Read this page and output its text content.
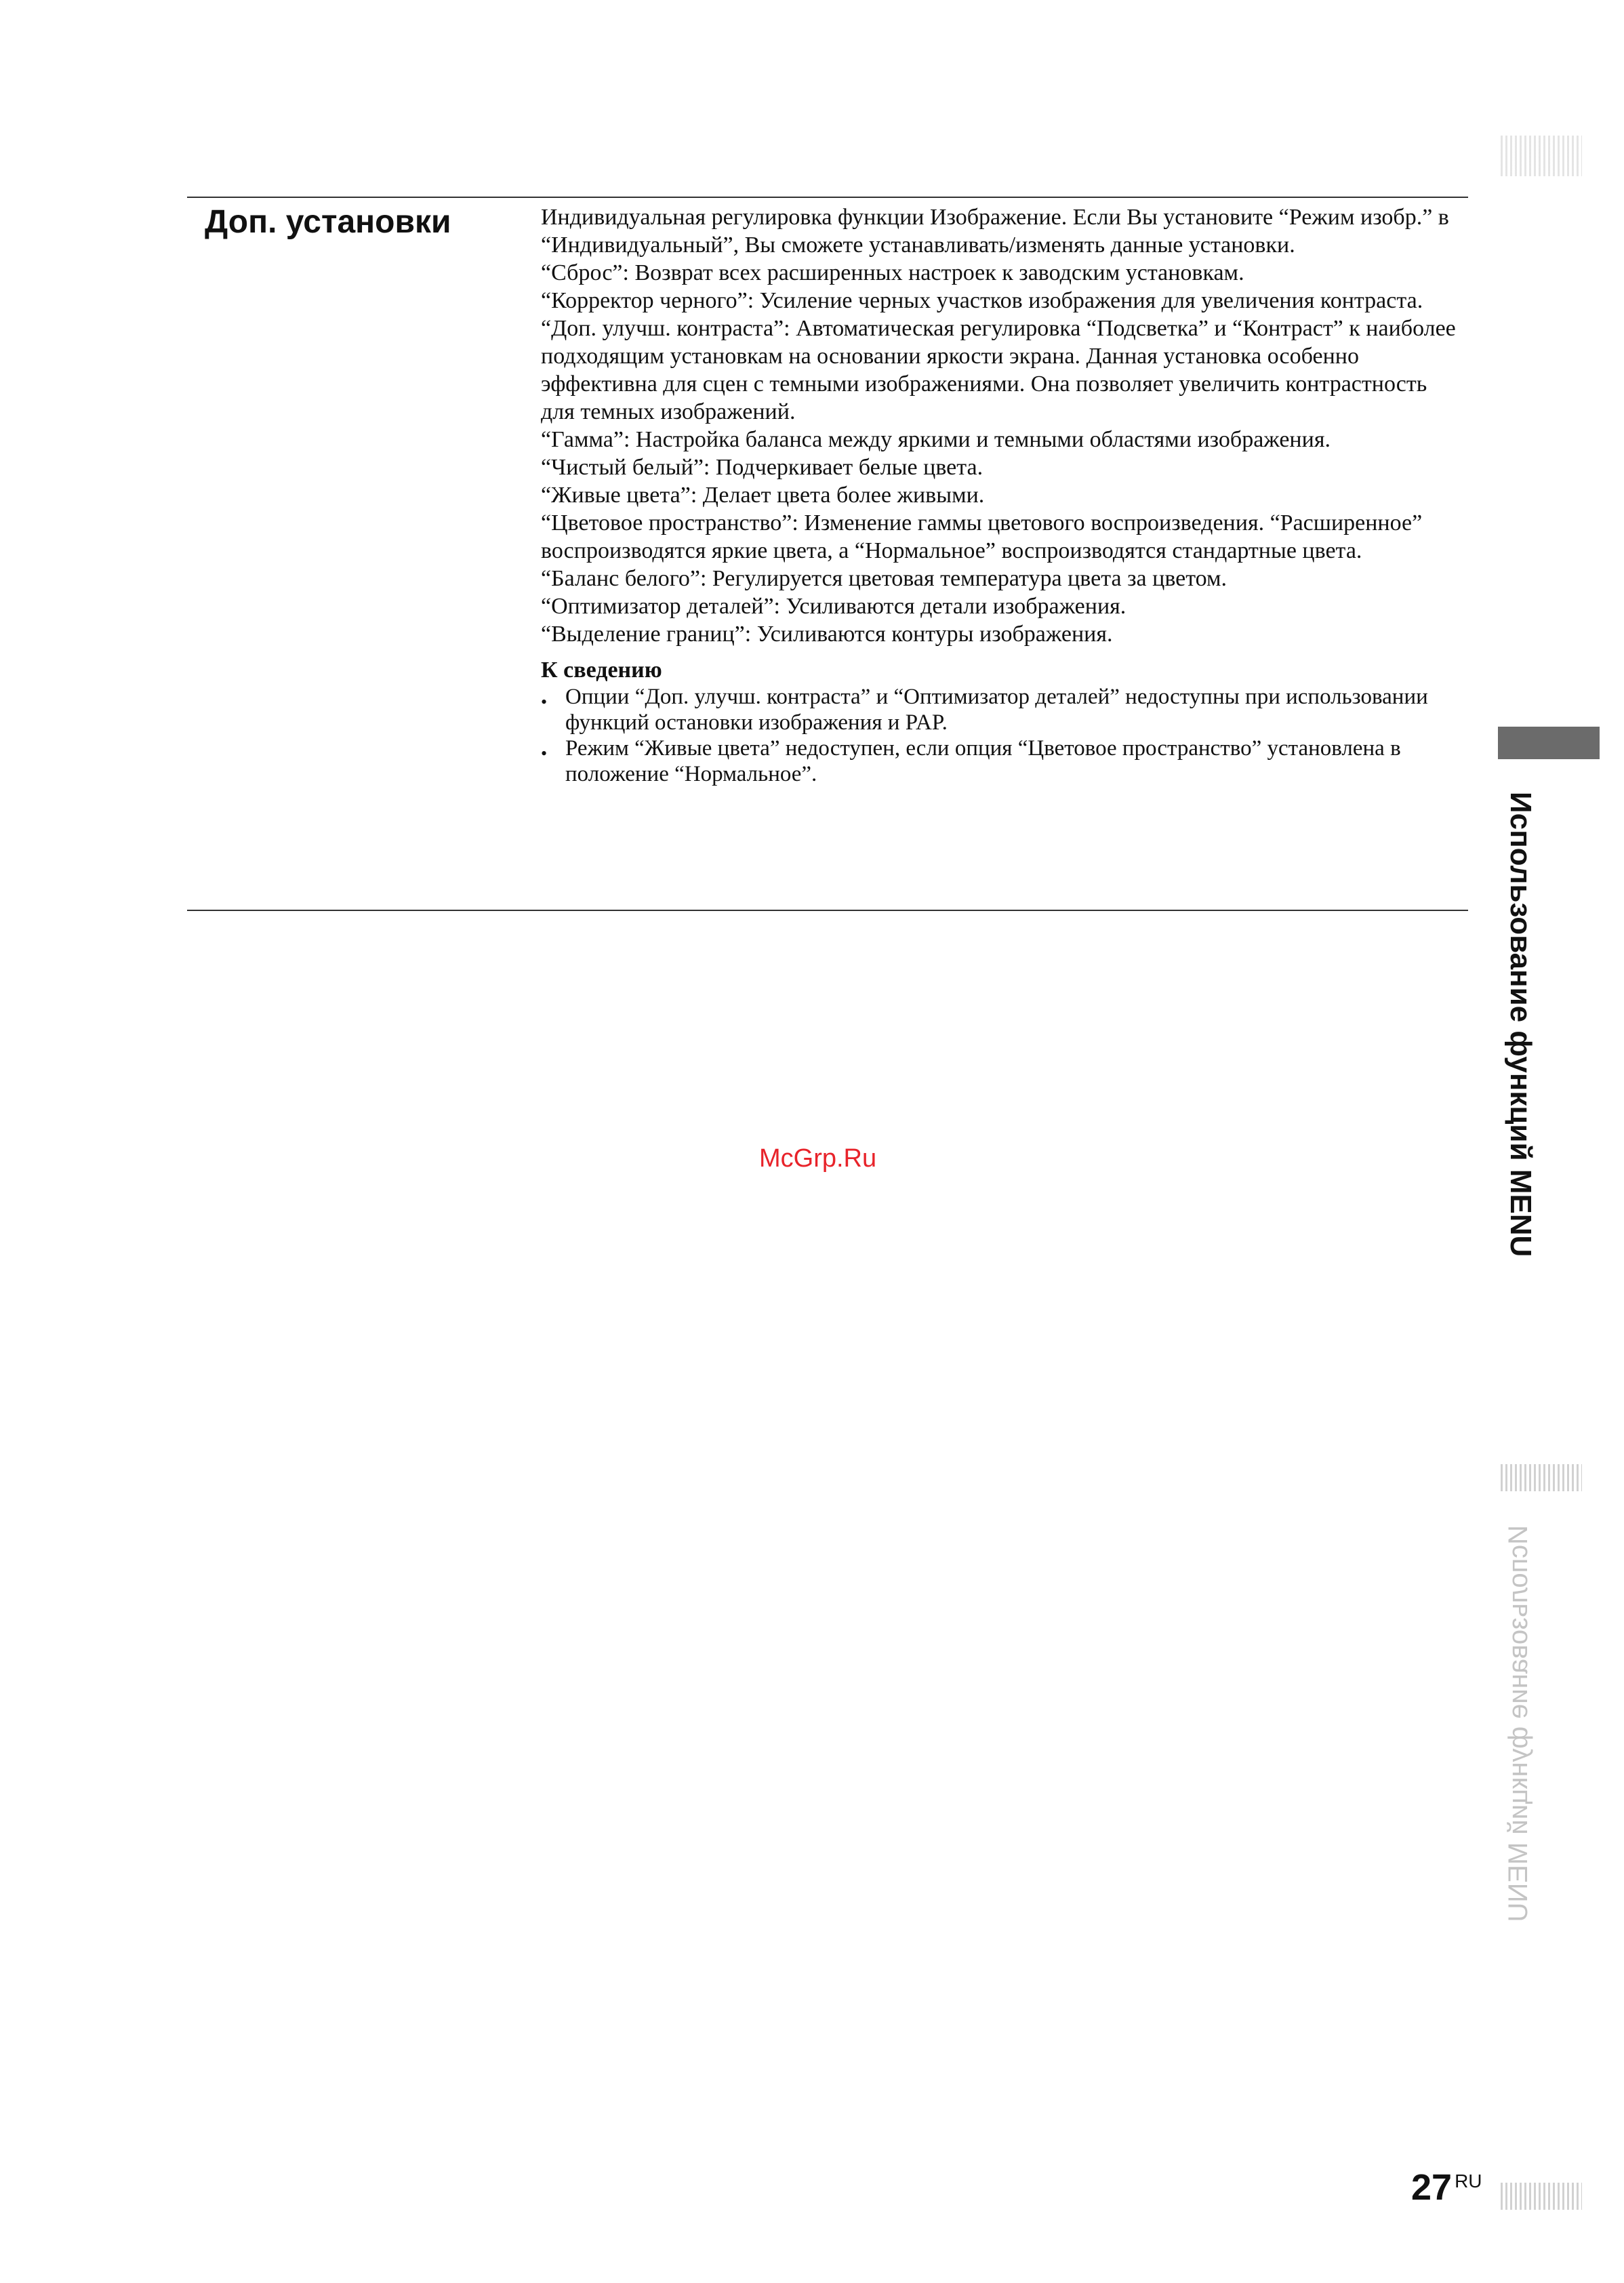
Доп. установки	Индивидуальная регулировка функции Изображение. Если Вы установите “Режим изобр.” в “Индивидуальный”, Вы сможете устанавливать/изменять данные установки.

“Сброс”: Возврат всех расширенных настроек к заводским установкам.

“Корректор черного”: Усиление черных участков изображения для увеличения контраста.

“Доп. улучш. контраста”: Автоматическая регулировка “Подсветка” и “Контраст” к наиболее подходящим установкам на основании яркости экрана. Данная установка особенно эффективна для сцен с темными изображениями. Она позволяет увеличить контрастность для темных изображений.

“Гамма”: Настройка баланса между яркими и темными областями изображения.

“Чистый белый”: Подчеркивает белые цвета.

“Живые цвета”: Делает цвета более живыми.

“Цветовое пространство”: Изменение гаммы цветового воспроизведения. “Расширенное” воспроизводятся яркие цвета, а “Нормальное” воспроизводятся стандартные цвета.

“Баланс белого”: Регулируется цветовая температура цвета за цветом.

“Оптимизатор деталей”: Усиливаются детали изображения.

“Выделение границ”: Усиливаются контуры изображения.

К сведению

• Опции “Доп. улучш. контраста” и “Оптимизатор деталей” недоступны при использовании функций остановки изображения и PAP.
• Режим “Живые цвета” недоступен, если опция “Цветовое пространство” установлена в положение “Нормальное”.
McGrp.Ru	Использование функций MENU
Использование функций MENU
27 $^{RU}$
